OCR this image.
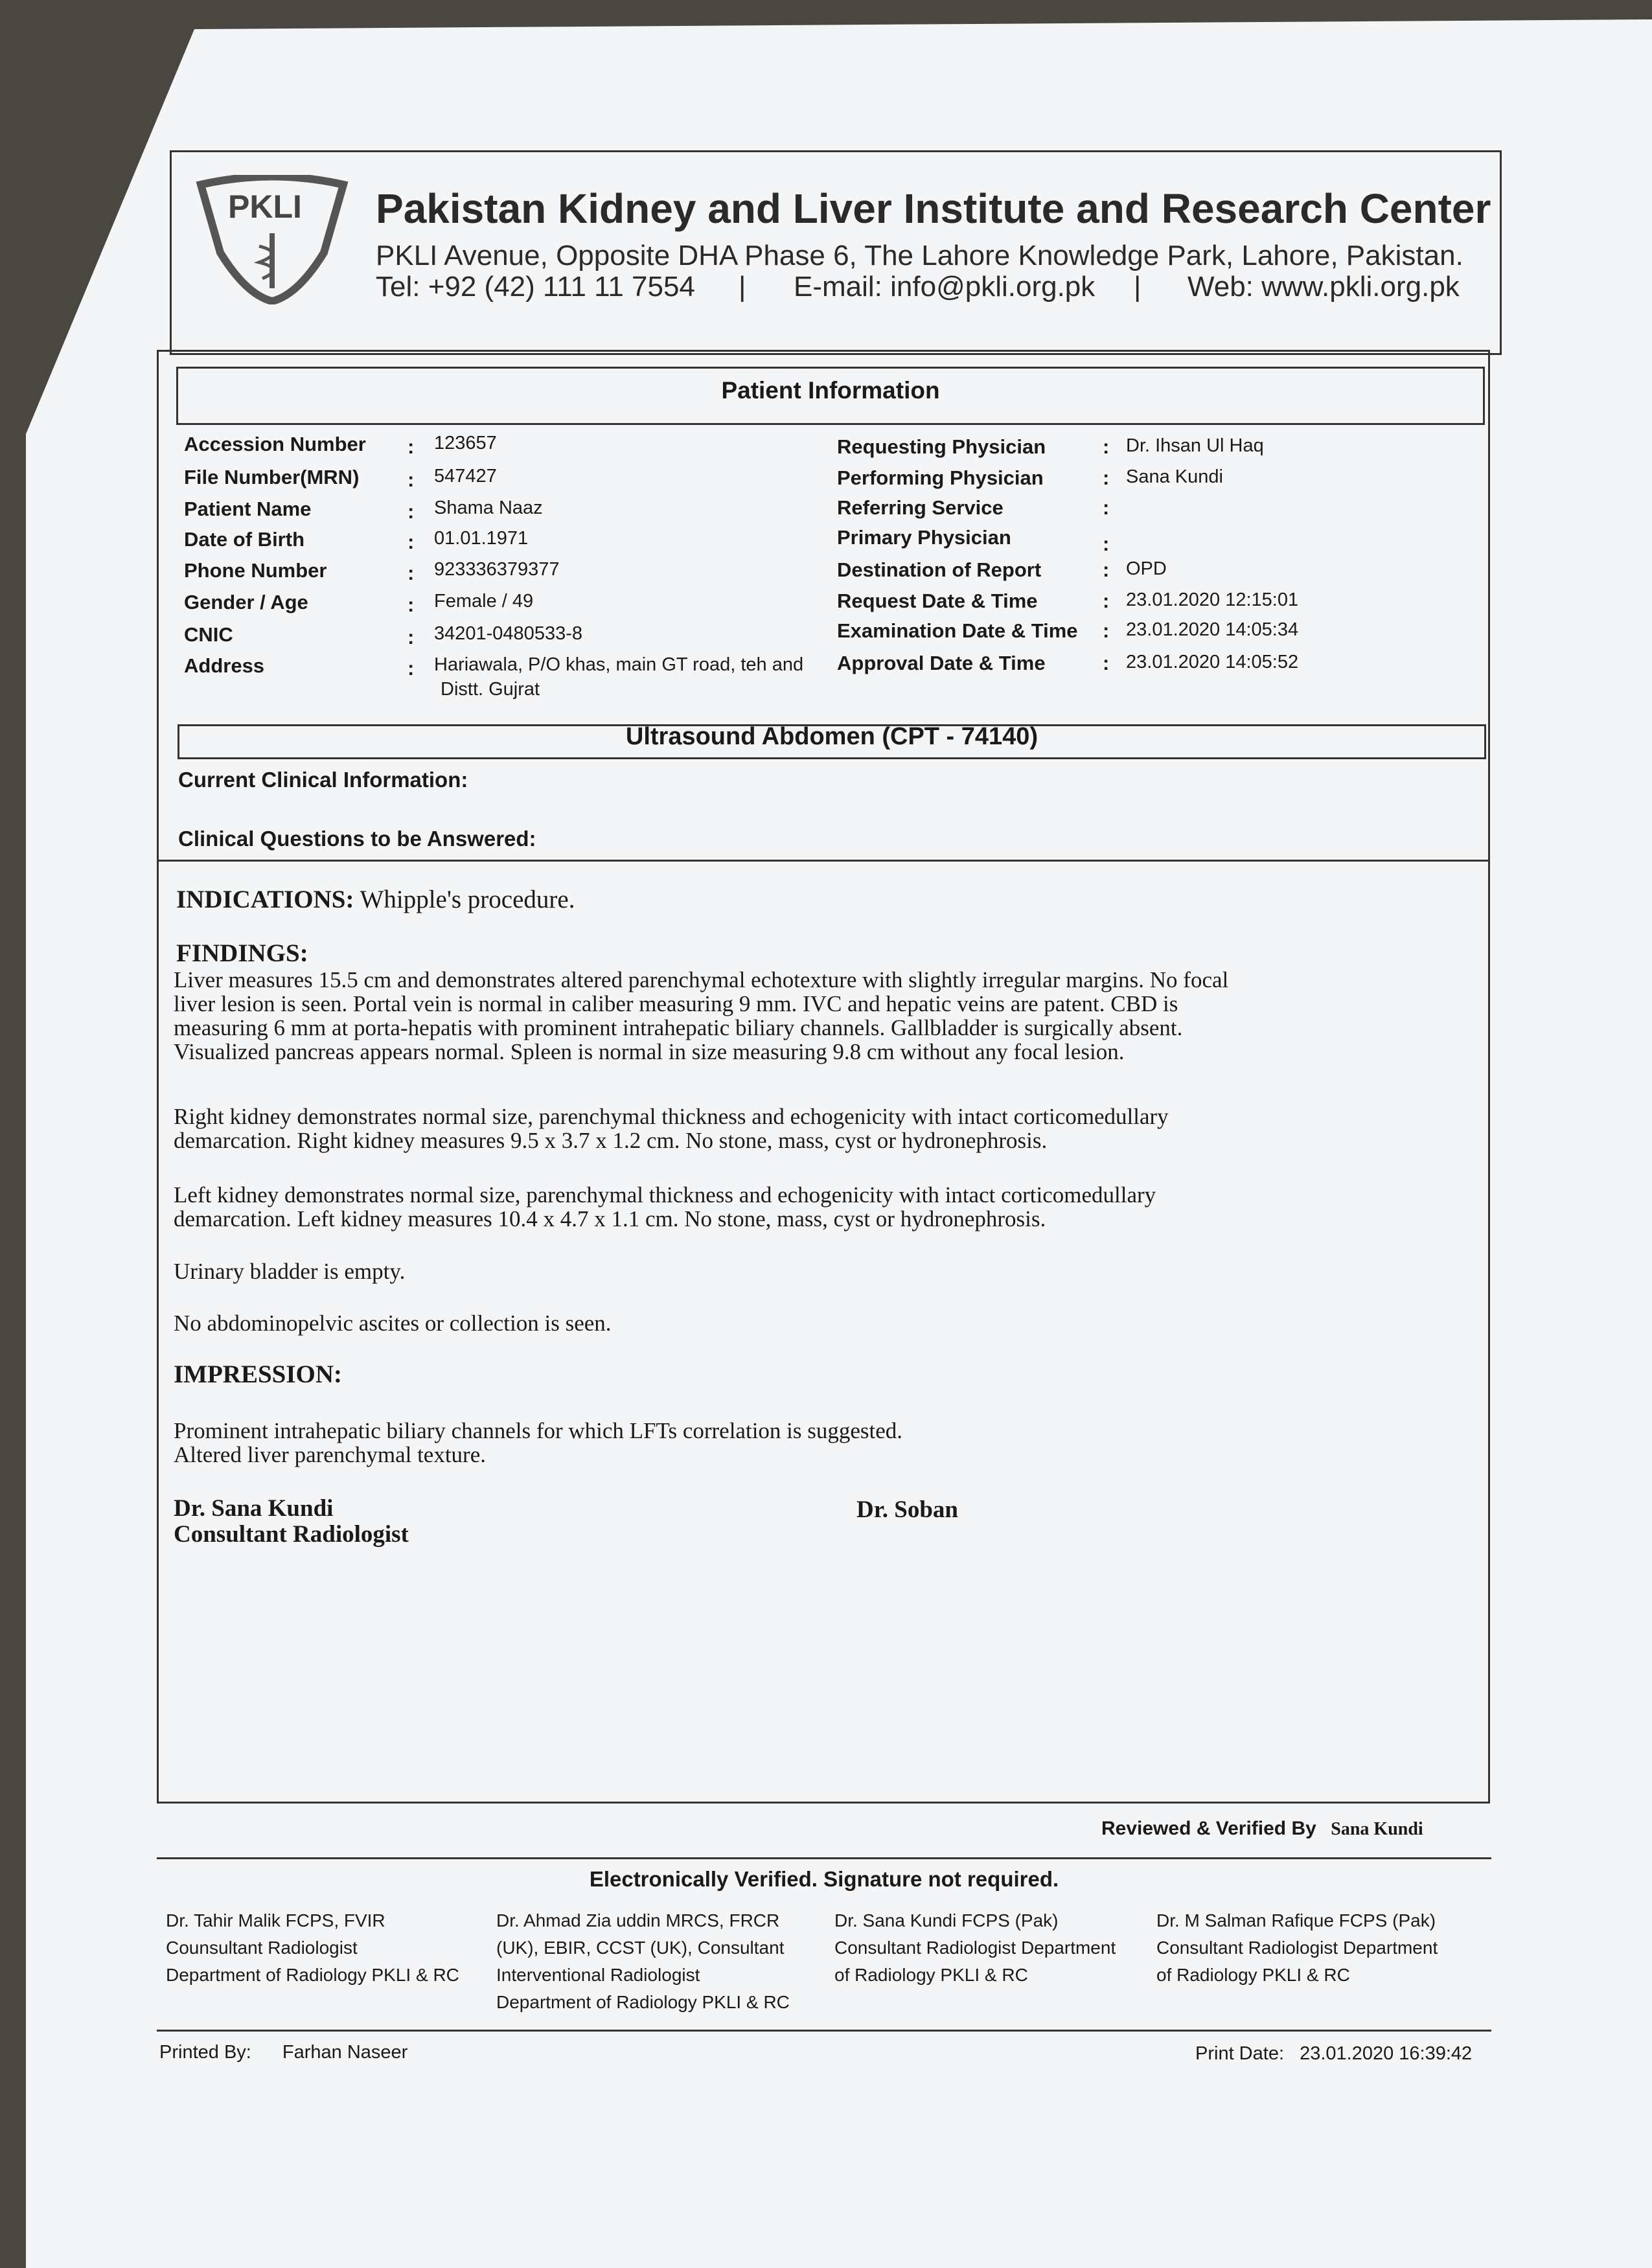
PKLI Pakistan Kidney and Liver Institute and Research Center
PKLI Avenue, Opposite DHA Phase 6, The Lahore Knowledge Park, Lahore, Pakistan.
Tel: +92 (42) 111 11 7554 | E-mail: info@pkli.org.pk | Web: www.pkli.org.pk
Patient Information
Accession Number : 123657
File Number(MRN) : 547427
Patient Name	: Shama Naaz
Date of Birth	: 01.01.1971
Phone Number	: 923336379377
Gender / Age	: Female / 49
CNIC	: 34201-0480533-8
Address	: Hariawala, P/O khas, main GT road, teh and
Distt. Gujrat
Requesting Physician	: Dr. Ihsan Ul Haq
Performing Physician	: Sana Kundi
Referring Service	:
Primary Physician	:
Destination of Report	: OPD
Request Date & Time	: 23.01.2020 12:15:01
Examination Date & Time : 23.01.2020 14:05:34
Approval Date & Time	: 23.01.2020 14:05:52
Ultrasound Abdomen (CPT - 74140)
Current Clinical Information:
Clinical Questions to be Answered:
INDICATIONS: Whipple's procedure.
FINDINGS:
Liver measures 15.5 cm and demonstrates altered parenchymal echotexture with slightly irregular margins. No focal
liver lesion is seen. Portal vein is normal in caliber measuring 9 mm. IVC and hepatic veins are patent. CBD is
measuring 6 mm at porta-hepatis with prominent intrahepatic biliary channels. Gallbladder is surgically absent.
Visualized pancreas appears normal. Spleen is normal in size measuring 9.8 cm without any focal lesion.
Right kidney demonstrates normal size, parenchymal thickness and echogenicity with intact corticomedullary
demarcation. Right kidney measures 9.5 x 3.7 x 1.2 cm. No stone, mass, cyst or hydronephrosis.
Left kidney demonstrates normal size, parenchymal thickness and echogenicity with intact corticomedullary
demarcation. Left kidney measures 10.4 x 4.7 x 1.1 cm. No stone, mass, cyst or hydronephrosis.
Urinary bladder is empty.
No abdominopelvic ascites or collection is seen.
IMPRESSION:
Prominent intrahepatic biliary channels for which LFTs correlation is suggested.
Altered liver parenchymal texture.
Dr. Sana Kundi
Consultant Radiologist
Dr. Soban
Reviewed & Verified By Sana Kundi
Electronically Verified. Signature not required.
Dr. Tahir Malik FCPS, FVIR
Counsultant Radiologist
Department of Radiology PKLI & RC
Dr. Ahmad Zia uddin MRCS, FRCR
(UK), EBIR, CCST (UK), Consultant
Interventional Radiologist
Department of Radiology PKLI & RC
Dr. Sana Kundi FCPS (Pak)
Consultant Radiologist Department
of Radiology PKLI & RC
Dr. M Salman Rafique FCPS (Pak)
Consultant Radiologist Department
of Radiology PKLI & RC
Printed By: Farhan Naseer	Print Date: 23.01.2020 16:39:42
